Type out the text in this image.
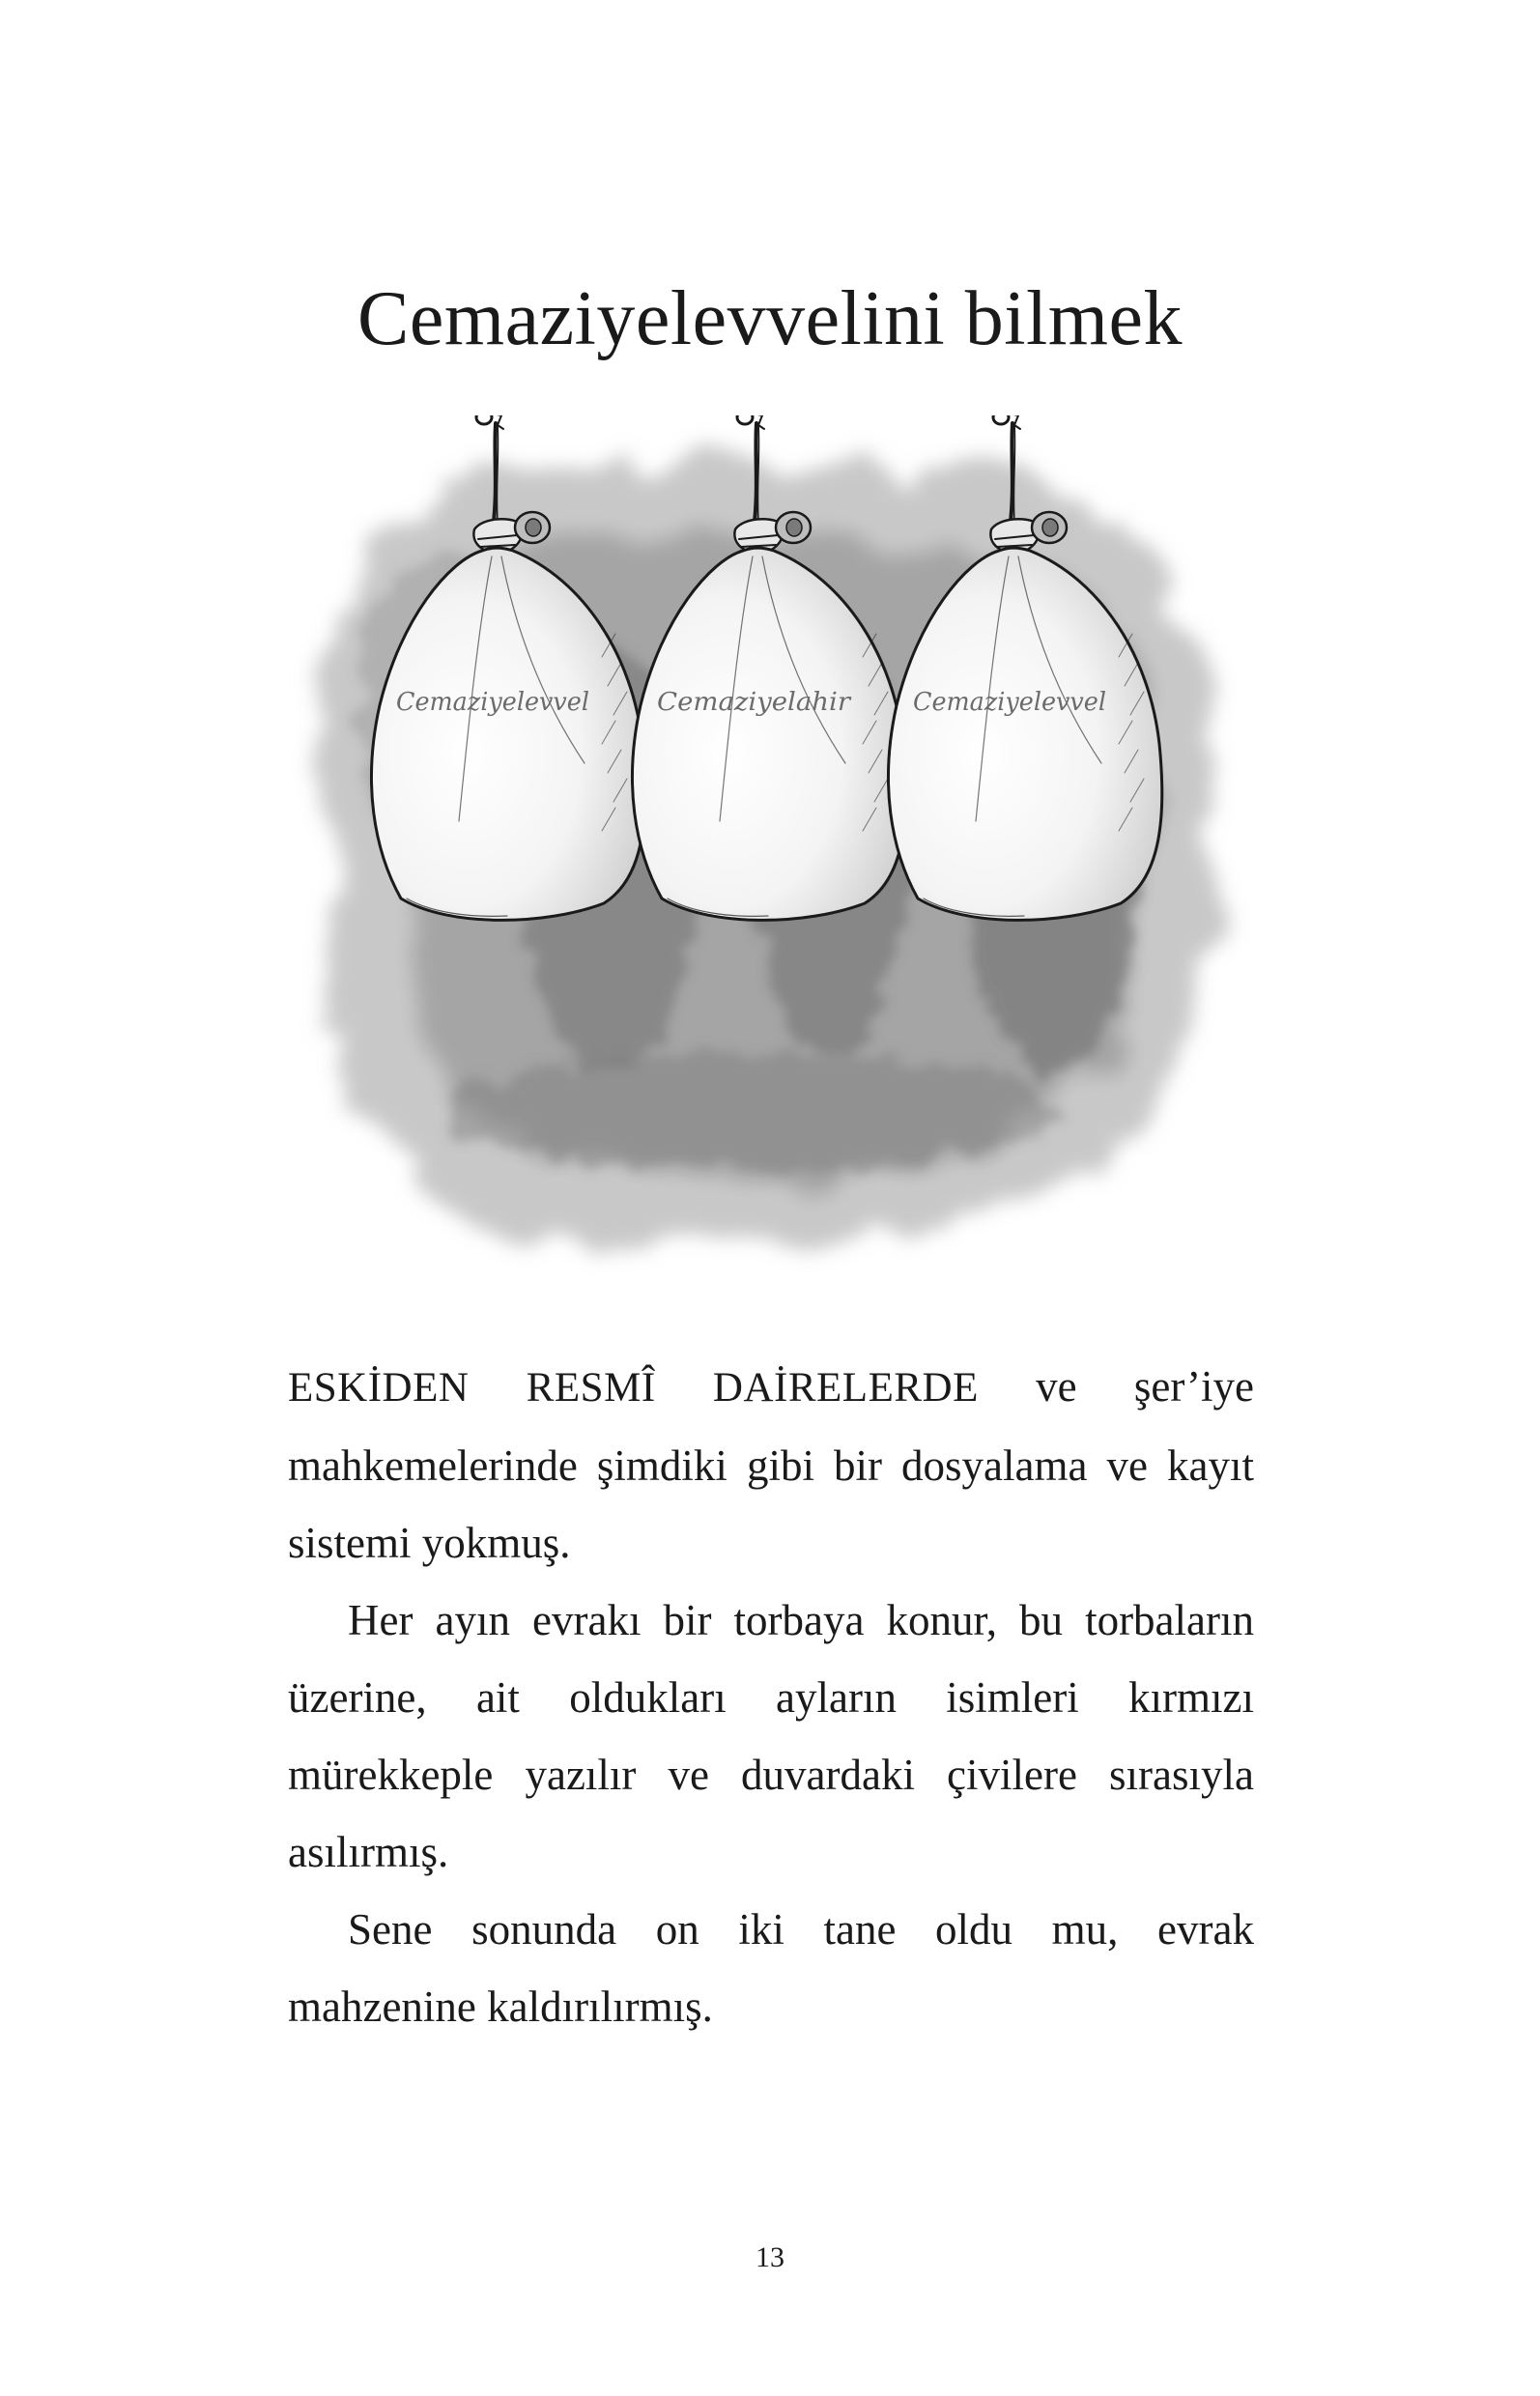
Cemaziyelevvelini bilmek
Cemaziyelevvel	Cemaziyelahir Cemaziyelevvel

ESKİDEN RESMÎ DAİRELERDE ve şer’iye mahkemelerinde şimdiki gibi bir dosyalama ve kayıt sistemi yokmuş.

Her ayın evrakı bir torbaya konur, bu torbaların üzerine, ait oldukları ayların isimleri kırmızı mürekkeple yazılır ve duvardaki çivilere sırasıyla asılırmış.

Sene sonunda on iki tane oldu mu, evrak mahzenine kaldırılırmış.

13
